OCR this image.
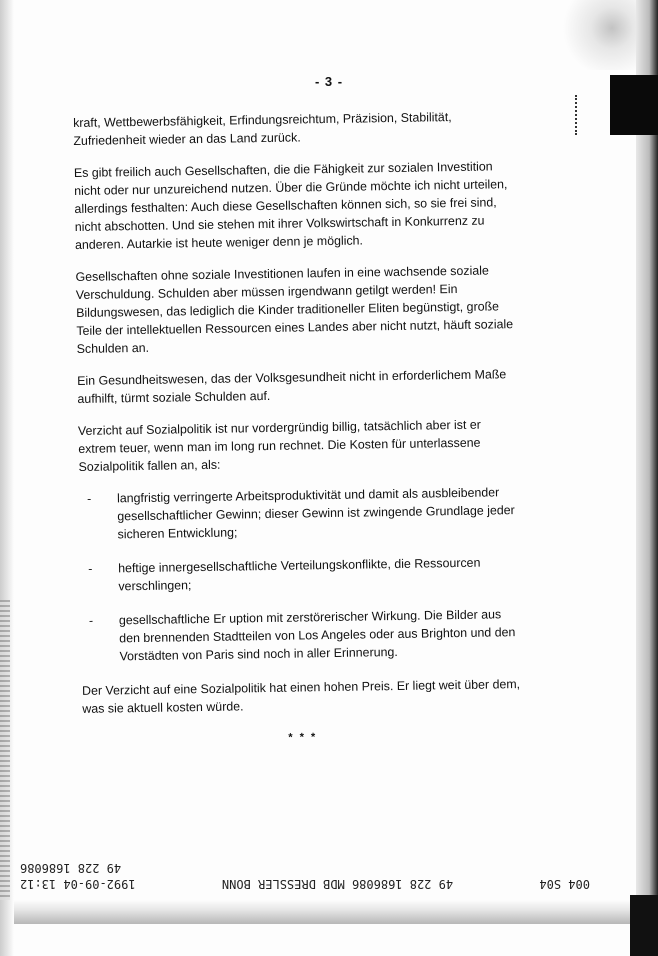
- 3 -

kraft, Wettbewerbsfähigkeit, Erfindungsreichtum, Präzision, Stabilität, Zufriedenheit wieder an das Land zurück.

Es gibt freilich auch Gesellschaften, die die Fähigkeit zur sozialen Investition nicht oder nur unzureichend nutzen. Über die Gründe möchte ich nicht urteilen, allerdings festhalten: Auch diese Gesellschaften können sich, so sie frei sind, nicht abschotten. Und sie stehen mit ihrer Volkswirtschaft in Konkurrenz zu anderen. Autarkie ist heute weniger denn je möglich.

Gesellschaften ohne soziale Investitionen laufen in eine wachsende soziale Verschuldung. Schulden aber müssen irgendwann getilgt werden! Ein Bildungswesen, das lediglich die Kinder traditioneller Eliten begünstigt, große Teile der intellektuellen Ressourcen eines Landes aber nicht nutzt, häuft soziale Schulden an.

Ein Gesundheitswesen, das der Volksgesundheit nicht in erforderlichem Maße aufhilft, türmt soziale Schulden auf.

Verzicht auf Sozialpolitik ist nur vordergründig billig, tatsächlich aber ist er extrem teuer, wenn man im long run rechnet. Die Kosten für unterlassene Sozialpolitik fallen an, als:

- langfristig verringerte Arbeitsproduktivität und damit als ausbleibender gesellschaftlicher Gewinn; dieser Gewinn ist zwingende Grundlage jeder sicheren Entwicklung;
- heftige innergesellschaftliche Verteilungskonflikte, die Ressourcen verschlingen;
- gesellschaftliche Er uption mit zerstörerischer Wirkung. Die Bilder aus den brennenden Stadtteilen von Los Angeles oder aus Brighton und den Vorstädten von Paris sind noch in aller Erinnerung.

Der Verzicht auf eine Sozialpolitik hat einen hohen Preis. Er liegt weit über dem, was sie aktuell kosten würde.

* * *
004 S04
49 228 1686086 MDB DRESSLER BONN
1992-09-04 13:12
49 228 1686086
